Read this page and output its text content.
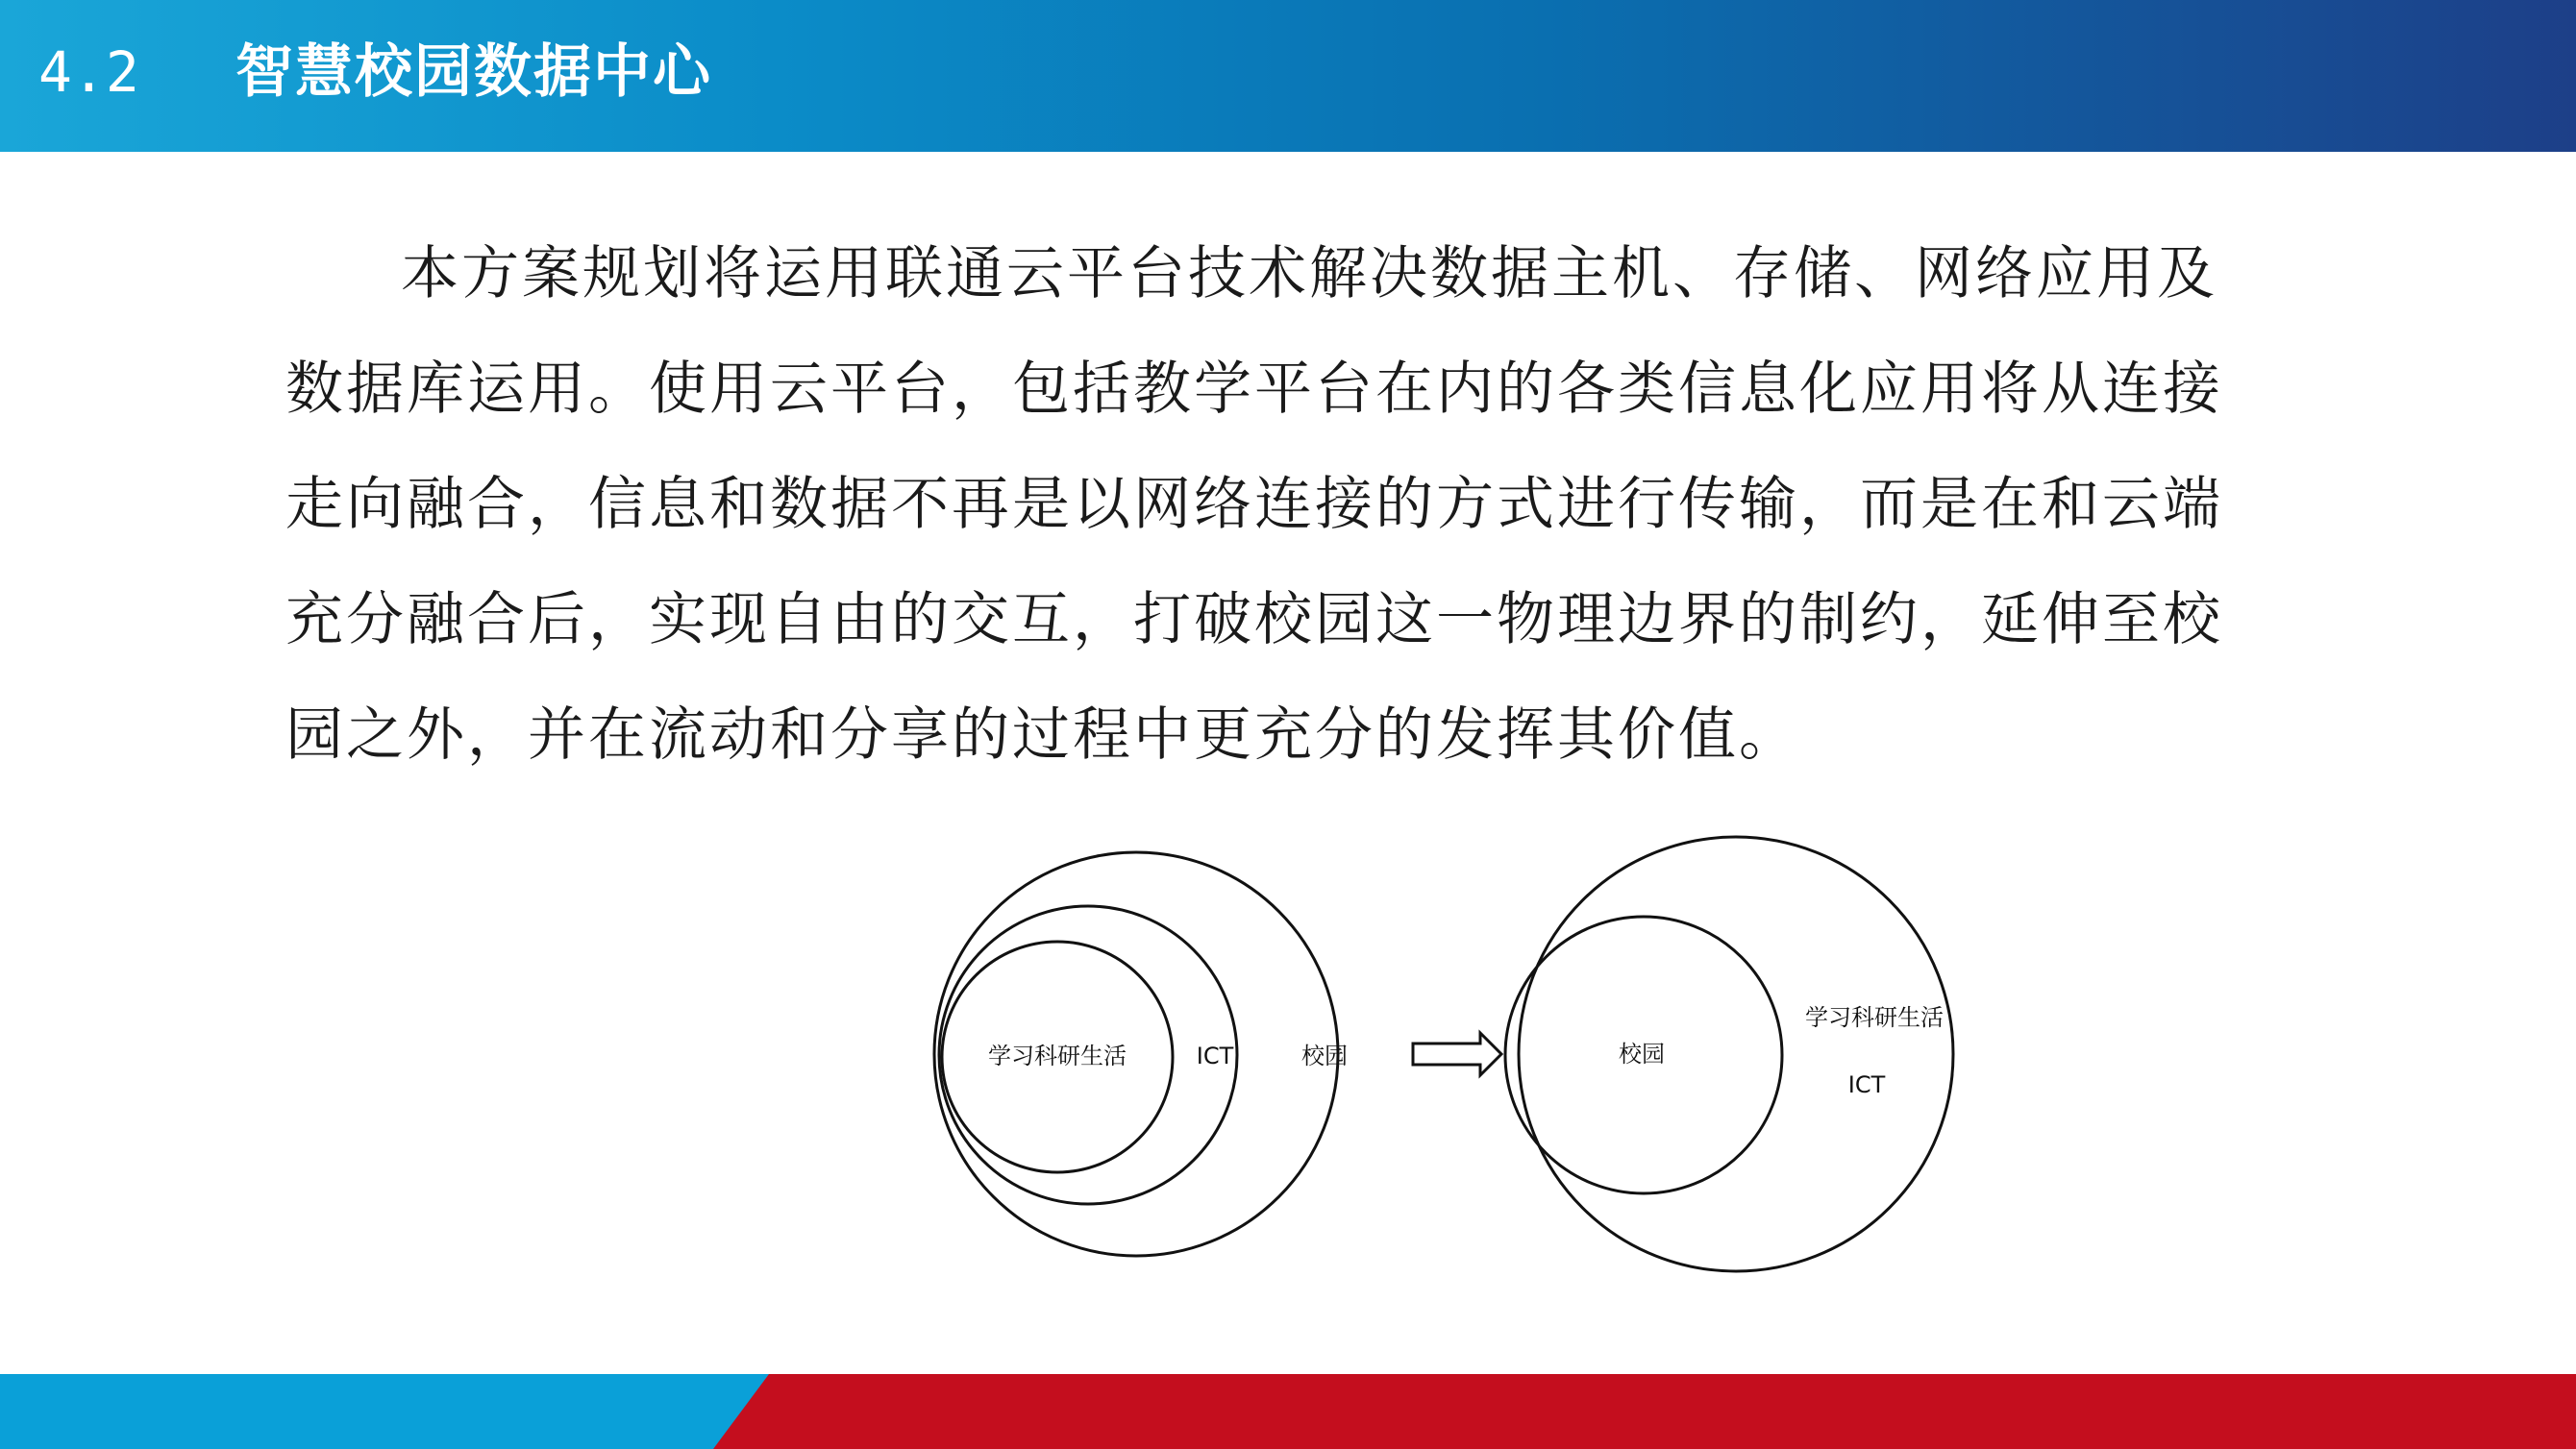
4.2 智慧校园数据中心

本方案规划将运用联通云平台技术解决数据主机、存储、网络应用及数据库运用。使用云平台，包括教学平台在内的各类信息化应用将从连接走向融合，信息和数据不再是以网络连接的方式进行传输，而是在和云端充分融合后，实现自由的交互，打破校园这一物理边界的制约，延伸至校园之外，并在流动和分享的过程中更充分的发挥其价值。

学习科研生活	ICT	校园	校园
学习科研生活
ICT
